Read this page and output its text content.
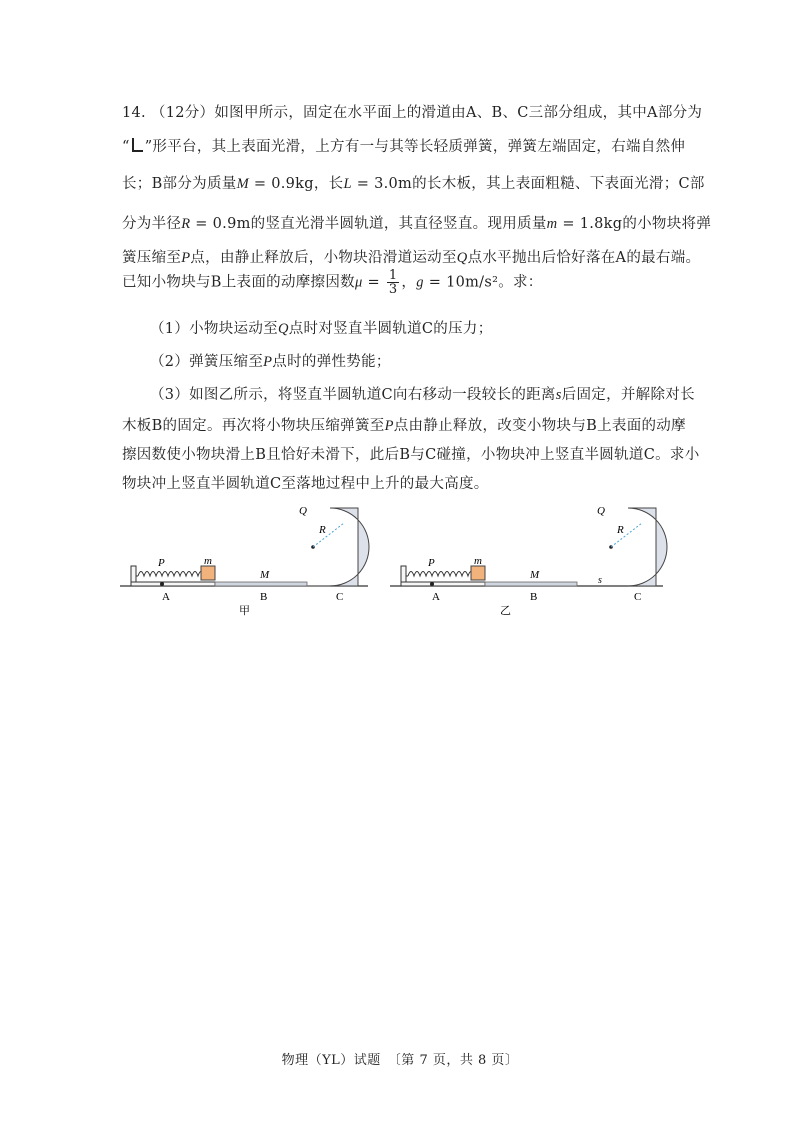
14. （12分）如图甲所示，固定在水平面上的滑道由A、B、C三部分组成，其中A部分为
“ ”形平台，其上表面光滑，上方有一与其等长轻质弹簧，弹簧左端固定，右端自然伸
长；B部分为质量M = 0.9kg，长L = 3.0m的长木板，其上表面粗糙、下表面光滑；C部
分为半径R = 0.9m的竖直光滑半圆轨道，其直径竖直。现用质量m = 1.8kg的小物块将弹
簧压缩至P点，由静止释放后，小物块沿滑道运动至Q点水平抛出后恰好落在A的最右端。
已知小物块与B上表面的动摩擦因数$\mu = \frac{1}{3}$ ，g = 10m/s²。求：
（1）小物块运动至Q点时对竖直半圆轨道C的压力；
（2）弹簧压缩至P点时的弹性势能；
（3）如图乙所示，将竖直半圆轨道C向右移动一段较长的距离s后固定，并解除对长
木板B的固定。再次将小物块压缩弹簧至P点由静止释放，改变小物块与B上表面的动摩
擦因数使小物块滑上B且恰好未滑下，此后B与C碰撞，小物块冲上竖直半圆轨道C。求小
物块冲上竖直半圆轨道C至落地过程中上升的最大高度。
P	m
M
R
Q
A	B	C
甲
P	m
M	s
R
Q
A	B	C
乙
物理（YL）试题　〔第 7 页，共 8 页〕
